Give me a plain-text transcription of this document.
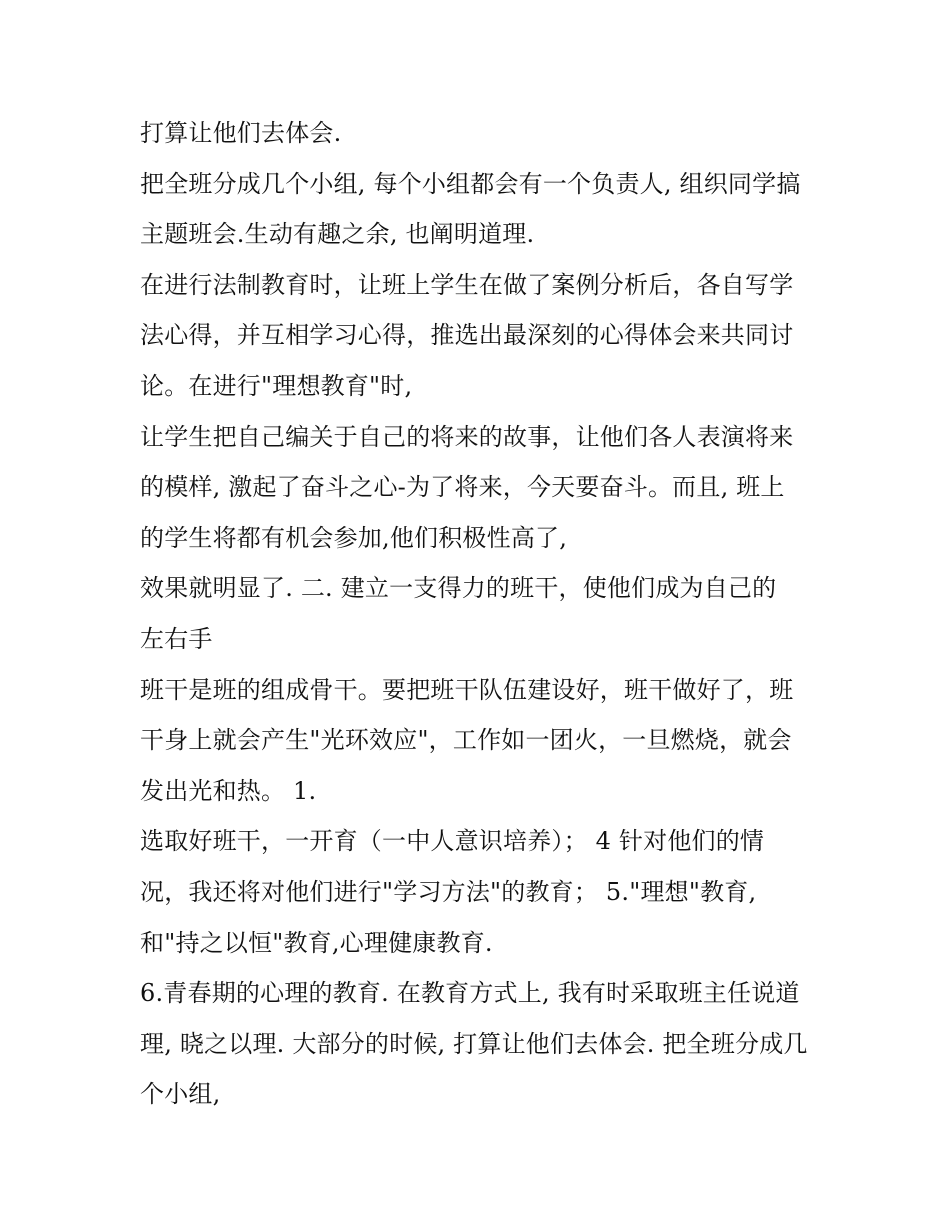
打算让他们去体会.
把全班分成几个小组, 每个小组都会有一个负责人, 组织同学搞
主题班会.生动有趣之余, 也阐明道理.
在进行法制教育时，让班上学生在做了案例分析后，各自写学
法心得，并互相学习心得，推选出最深刻的心得体会来共同讨
论。在进行"理想教育"时,
让学生把自己编关于自己的将来的故事，让他们各人表演将来
的模样, 激起了奋斗之心-为了将来，今天要奋斗。而且, 班上
的学生将都有机会参加,他们积极性高了,
效果就明显了. 二. 建立一支得力的班干，使他们成为自己的
左右手
班干是班的组成骨干。要把班干队伍建设好，班干做好了，班
干身上就会产生"光环效应"，工作如一团火，一旦燃烧，就会
发出光和热。 1.
选取好班干，一开育（一中人意识培养）； 4 针对他们的情
况，我还将对他们进行"学习方法"的教育； 5."理想"教育,
和"持之以恒"教育,心理健康教育.
6.青春期的心理的教育. 在教育方式上, 我有时采取班主任说道
理, 晓之以理. 大部分的时候, 打算让他们去体会. 把全班分成几
个小组,
